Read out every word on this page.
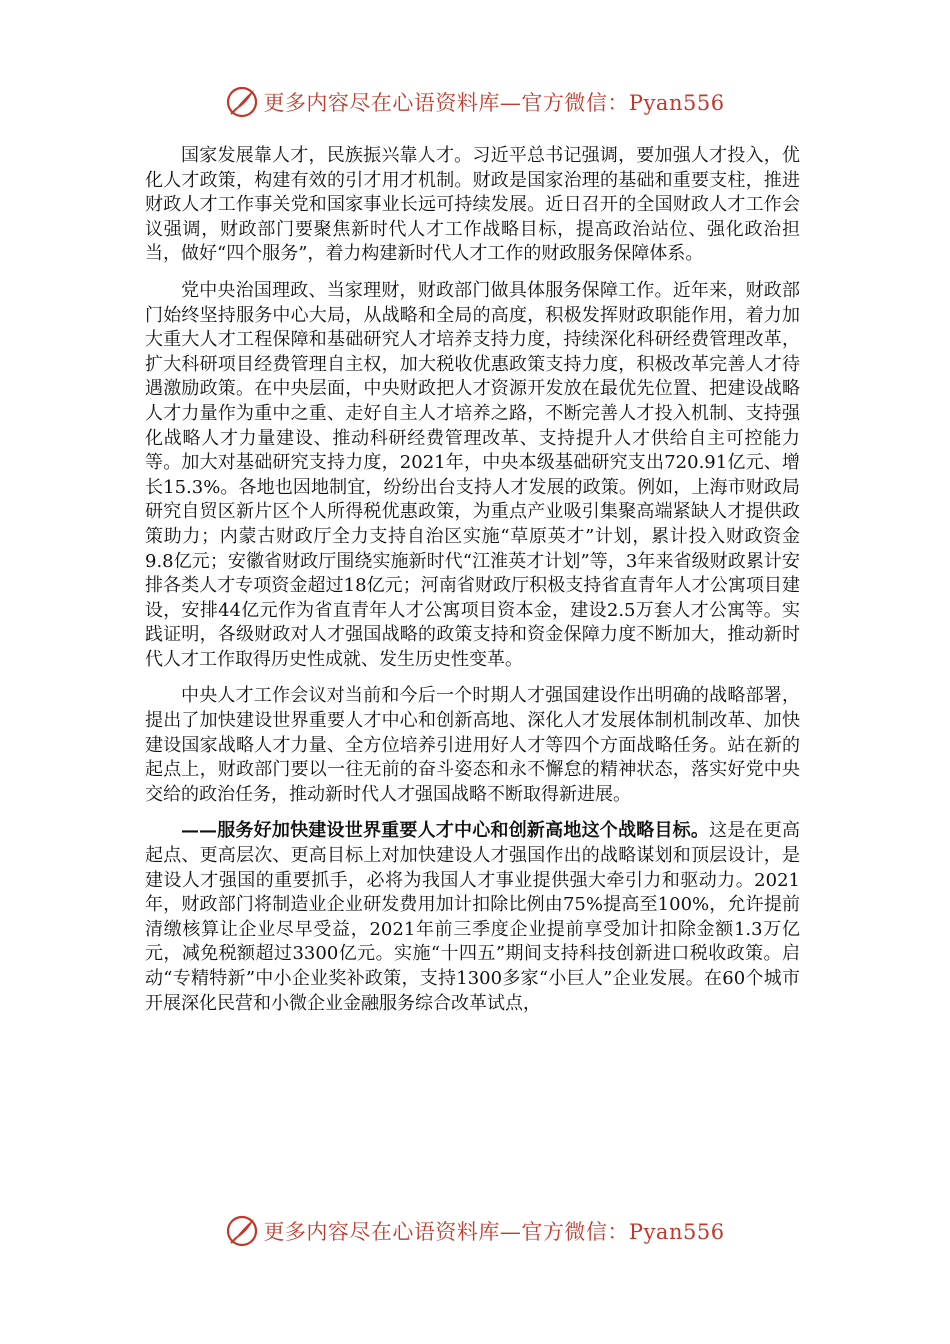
更多内容尽在心语资料库—官方微信：Pyan556

国家发展靠人才，民族振兴靠人才。习近平总书记强调，要加强人才投入，优化人才政策，构建有效的引才用才机制。财政是国家治理的基础和重要支柱，推进财政人才工作事关党和国家事业长远可持续发展。近日召开的全国财政人才工作会议强调，财政部门要聚焦新时代人才工作战略目标，提高政治站位、强化政治担当，做好“四个服务”，着力构建新时代人才工作的财政服务保障体系。

党中央治国理政、当家理财，财政部门做具体服务保障工作。近年来，财政部门始终坚持服务中心大局，从战略和全局的高度，积极发挥财政职能作用，着力加大重大人才工程保障和基础研究人才培养支持力度，持续深化科研经费管理改革，扩大科研项目经费管理自主权，加大税收优惠政策支持力度，积极改革完善人才待遇激励政策。在中央层面，中央财政把人才资源开发放在最优先位置、把建设战略人才力量作为重中之重、走好自主人才培养之路，不断完善人才投入机制、支持强化战略人才力量建设、推动科研经费管理改革、支持提升人才供给自主可控能力等。加大对基础研究支持力度，2021年，中央本级基础研究支出720.91亿元、增长15.3%。各地也因地制宜，纷纷出台支持人才发展的政策。例如，上海市财政局研究自贸区新片区个人所得税优惠政策，为重点产业吸引集聚高端紧缺人才提供政策助力；内蒙古财政厅全力支持自治区实施“草原英才”计划，累计投入财政资金9.8亿元；安徽省财政厅围绕实施新时代“江淮英才计划”等，3年来省级财政累计安排各类人才专项资金超过18亿元；河南省财政厅积极支持省直青年人才公寓项目建设，安排44亿元作为省直青年人才公寓项目资本金，建设2.5万套人才公寓等。实践证明，各级财政对人才强国战略的政策支持和资金保障力度不断加大，推动新时代人才工作取得历史性成就、发生历史性变革。

中央人才工作会议对当前和今后一个时期人才强国建设作出明确的战略部署，提出了加快建设世界重要人才中心和创新高地、深化人才发展体制机制改革、加快建设国家战略人才力量、全方位培养引进用好人才等四个方面战略任务。站在新的起点上，财政部门要以一往无前的奋斗姿态和永不懈怠的精神状态，落实好党中央交给的政治任务，推动新时代人才强国战略不断取得新进展。

——服务好加快建设世界重要人才中心和创新高地这个战略目标。这是在更高起点、更高层次、更高目标上对加快建设人才强国作出的战略谋划和顶层设计，是建设人才强国的重要抓手，必将为我国人才事业提供强大牵引力和驱动力。2021年，财政部门将制造业企业研发费用加计扣除比例由75%提高至100%，允许提前清缴核算让企业尽早受益，2021年前三季度企业提前享受加计扣除金额1.3万亿元，减免税额超过3300亿元。实施“十四五”期间支持科技创新进口税收政策。启动“专精特新”中小企业奖补政策，支持1300多家“小巨人”企业发展。在60个城市开展深化民营和小微企业金融服务综合改革试点，

更多内容尽在心语资料库—官方微信：Pyan556
